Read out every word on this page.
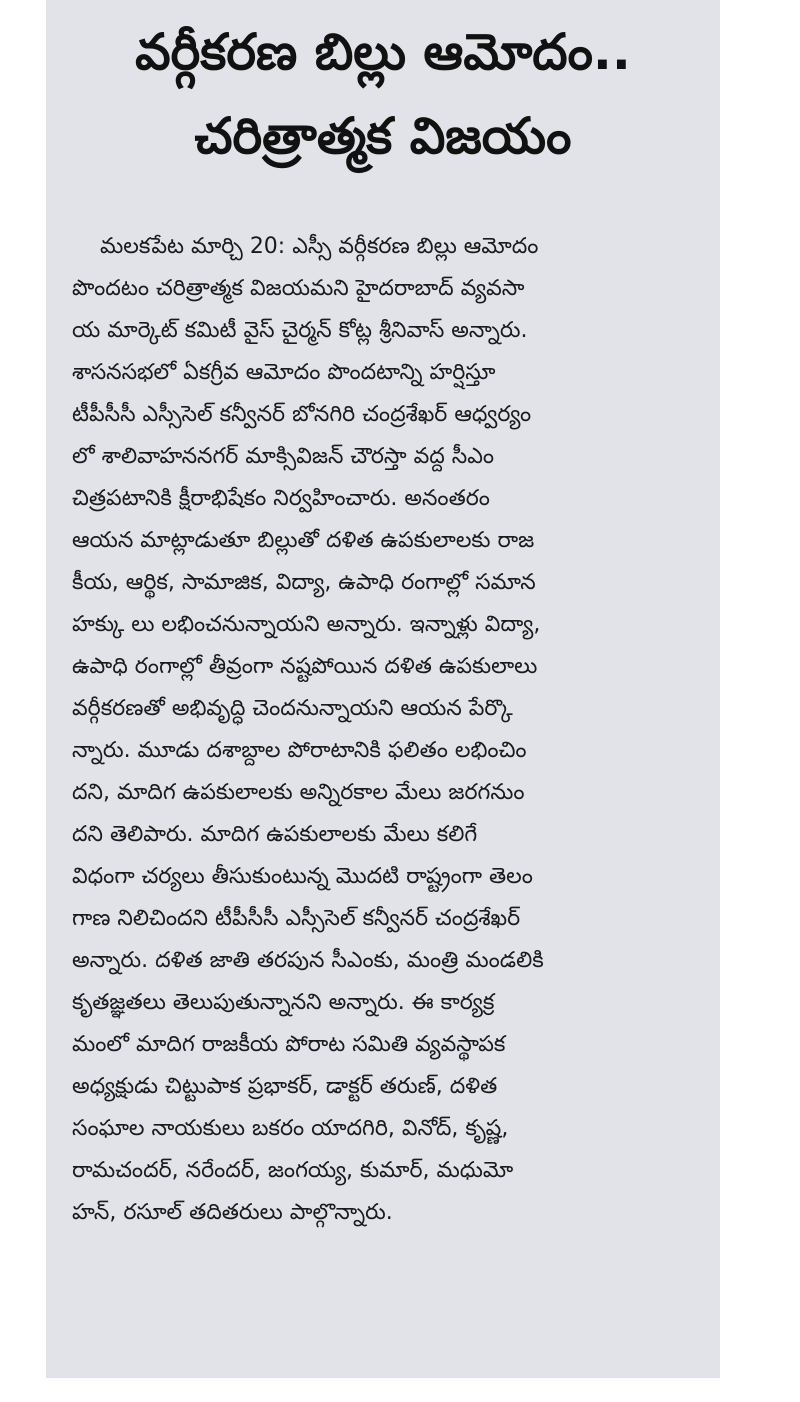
వర్గీకరణ బిల్లు ఆమోదం..
చరిత్రాత్మక విజయం
మలకపేట మార్చి 20: ఎస్సీ వర్గీకరణ బిల్లు ఆమోదం
పొందటం చరిత్రాత్మక విజయమని హైదరాబాద్ వ్యవసా
య మార్కెట్ కమిటీ వైస్ చైర్మన్ కోట్ల శ్రీనివాస్ అన్నారు.
శాసనసభలో ఏకగ్రీవ ఆమోదం పొందటాన్ని హర్షిస్తూ
టీపీసీసీ ఎస్సీసెల్ కన్వీనర్ బోనగిరి చంద్రశేఖర్ ఆధ్వర్యం
లో శాలివాహననగర్ మాక్సివిజన్ చౌరస్తా వద్ద సీఎం
చిత్రపటానికి క్షీరాభిషేకం నిర్వహించారు. అనంతరం
ఆయన మాట్లాడుతూ బిల్లుతో దళిత ఉపకులాలకు రాజ
కీయ, ఆర్థిక, సామాజిక, విద్యా, ఉపాధి రంగాల్లో సమాన
హక్కు లు లభించనున్నాయని అన్నారు. ఇన్నాళ్లు విద్యా,
ఉపాధి రంగాల్లో తీవ్రంగా నష్టపోయిన దళిత ఉపకులాలు
వర్గీకరణతో అభివృద్ధి చెందనున్నాయని ఆయన పేర్కొ
న్నారు. మూడు దశాబ్దాల పోరాటానికి ఫలితం లభించిం
దని, మాదిగ ఉపకులాలకు అన్నిరకాల మేలు జరగనుం
దని తెలిపారు. మాదిగ ఉపకులాలకు మేలు కలిగే
విధంగా చర్యలు తీసుకుంటున్న మొదటి రాష్ట్రంగా తెలం
గాణ నిలిచిందని టీపీసీసీ ఎస్సీసెల్ కన్వీనర్ చంద్రశేఖర్
అన్నారు. దళిత జాతి తరపున సీఎంకు, మంత్రి మండలికి
కృతజ్ఞతలు తెలుపుతున్నానని అన్నారు. ఈ కార్యక్ర
మంలో మాదిగ రాజకీయ పోరాట సమితి వ్యవస్థాపక
అధ్యక్షుడు చిట్టుపాక ప్రభాకర్, డాక్టర్ తరుణ్, దళిత
సంఘాల నాయకులు బకరం యాదగిరి, వినోద్, కృష్ణ,
రామచందర్, నరేందర్, జంగయ్య, కుమార్, మధుమో
హన్, రసూల్ తదితరులు పాల్గొన్నారు.
